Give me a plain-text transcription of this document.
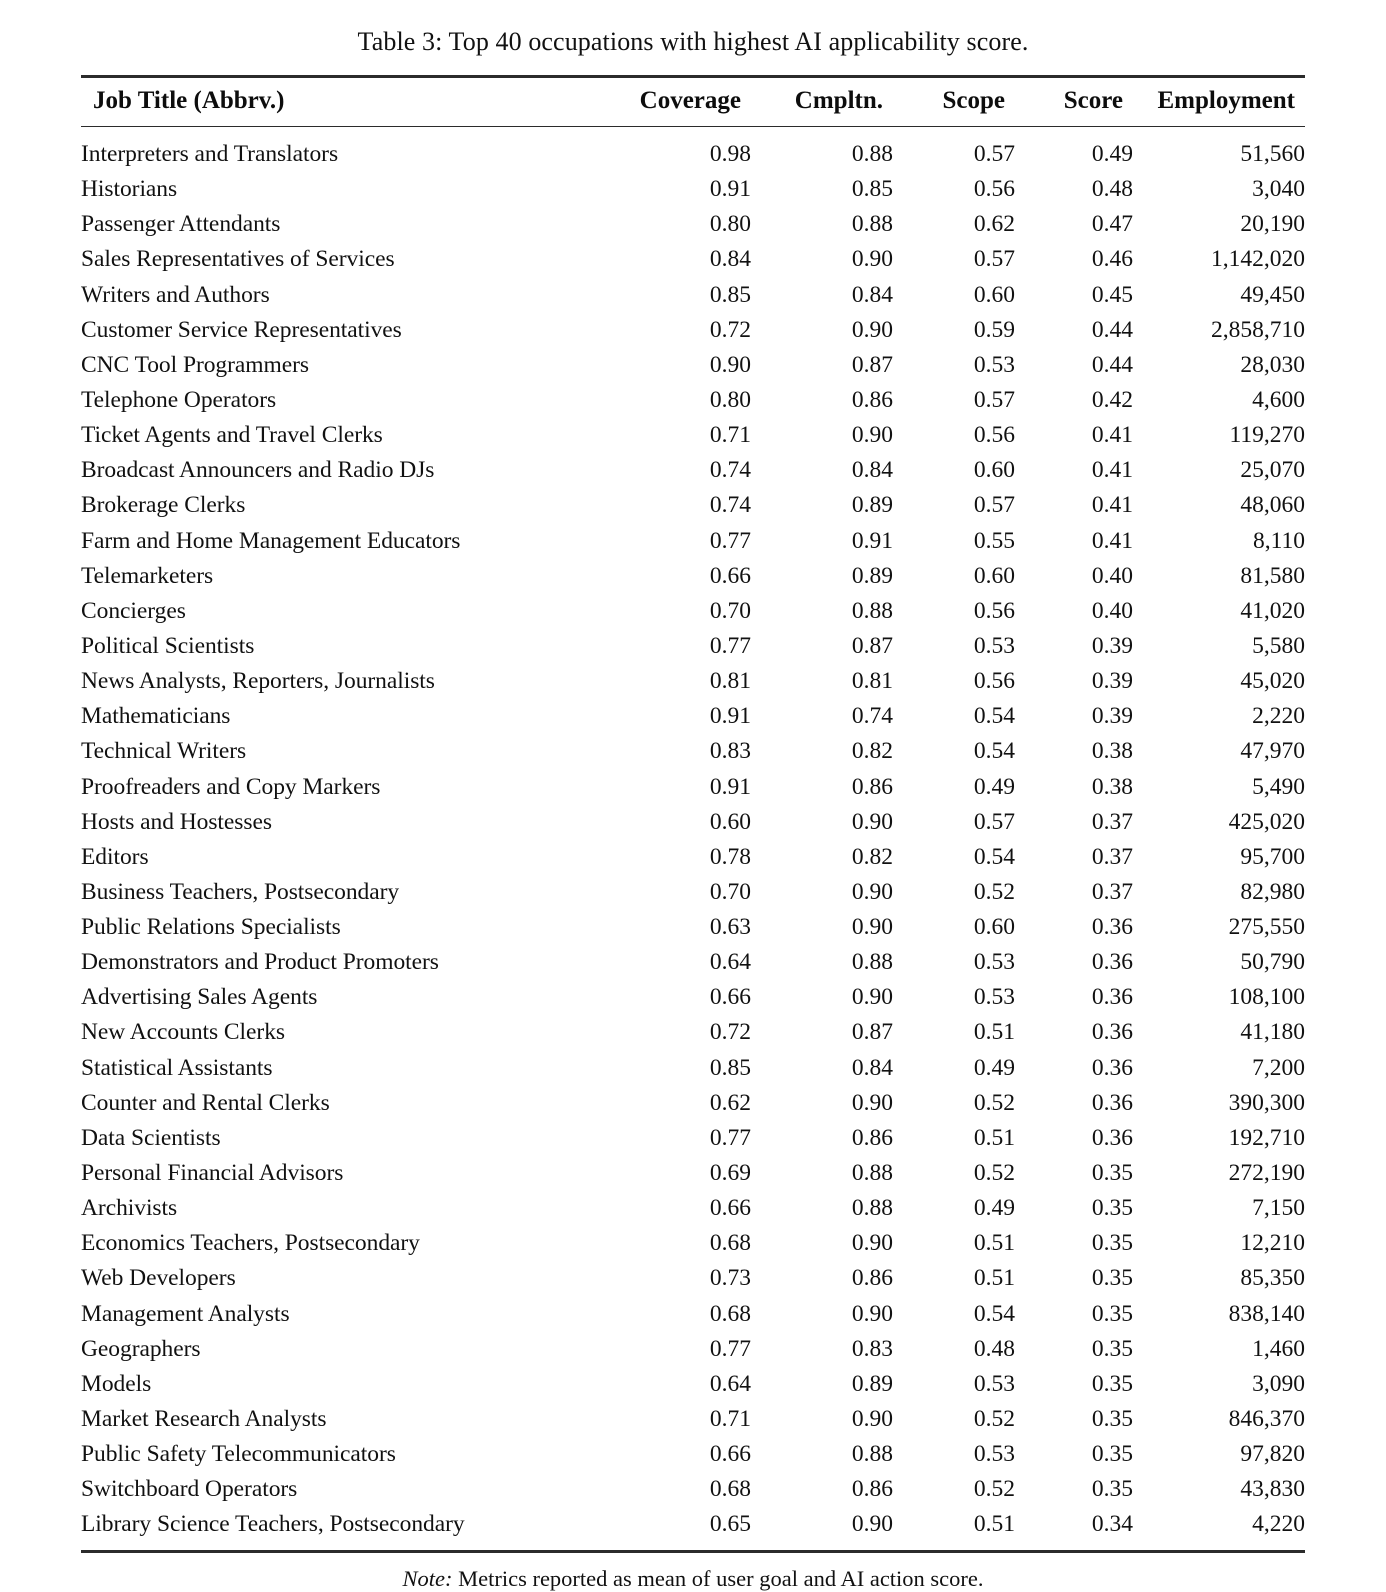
Table 3: Top 40 occupations with highest AI applicability score.

Job Title (Abbrv.)	Coverage	Cmpltn.	Scope	Score	Employment

Interpreters and Translators	0.98	0.88	0.57	0.49	51,560
Historians	0.91	0.85	0.56	0.48	3,040
Passenger Attendants	0.80	0.88	0.62	0.47	20,190
Sales Representatives of Services	0.84	0.90	0.57	0.46	1,142,020
Writers and Authors	0.85	0.84	0.60	0.45	49,450
Customer Service Representatives	0.72	0.90	0.59	0.44	2,858,710
CNC Tool Programmers	0.90	0.87	0.53	0.44	28,030
Telephone Operators	0.80	0.86	0.57	0.42	4,600
Ticket Agents and Travel Clerks	0.71	0.90	0.56	0.41	119,270
Broadcast Announcers and Radio DJs	0.74	0.84	0.60	0.41	25,070
Brokerage Clerks	0.74	0.89	0.57	0.41	48,060
Farm and Home Management Educators	0.77	0.91	0.55	0.41	8,110
Telemarketers	0.66	0.89	0.60	0.40	81,580
Concierges	0.70	0.88	0.56	0.40	41,020
Political Scientists	0.77	0.87	0.53	0.39	5,580
News Analysts, Reporters, Journalists	0.81	0.81	0.56	0.39	45,020
Mathematicians	0.91	0.74	0.54	0.39	2,220
Technical Writers	0.83	0.82	0.54	0.38	47,970
Proofreaders and Copy Markers	0.91	0.86	0.49	0.38	5,490
Hosts and Hostesses	0.60	0.90	0.57	0.37	425,020
Editors	0.78	0.82	0.54	0.37	95,700
Business Teachers, Postsecondary	0.70	0.90	0.52	0.37	82,980
Public Relations Specialists	0.63	0.90	0.60	0.36	275,550
Demonstrators and Product Promoters	0.64	0.88	0.53	0.36	50,790
Advertising Sales Agents	0.66	0.90	0.53	0.36	108,100
New Accounts Clerks	0.72	0.87	0.51	0.36	41,180
Statistical Assistants	0.85	0.84	0.49	0.36	7,200
Counter and Rental Clerks	0.62	0.90	0.52	0.36	390,300
Data Scientists	0.77	0.86	0.51	0.36	192,710
Personal Financial Advisors	0.69	0.88	0.52	0.35	272,190
Archivists	0.66	0.88	0.49	0.35	7,150
Economics Teachers, Postsecondary	0.68	0.90	0.51	0.35	12,210
Web Developers	0.73	0.86	0.51	0.35	85,350
Management Analysts	0.68	0.90	0.54	0.35	838,140
Geographers	0.77	0.83	0.48	0.35	1,460
Models	0.64	0.89	0.53	0.35	3,090
Market Research Analysts	0.71	0.90	0.52	0.35	846,370
Public Safety Telecommunicators	0.66	0.88	0.53	0.35	97,820
Switchboard Operators	0.68	0.86	0.52	0.35	43,830
Library Science Teachers, Postsecondary	0.65	0.90	0.51	0.34	4,220

Note: Metrics reported as mean of user goal and AI action score.
